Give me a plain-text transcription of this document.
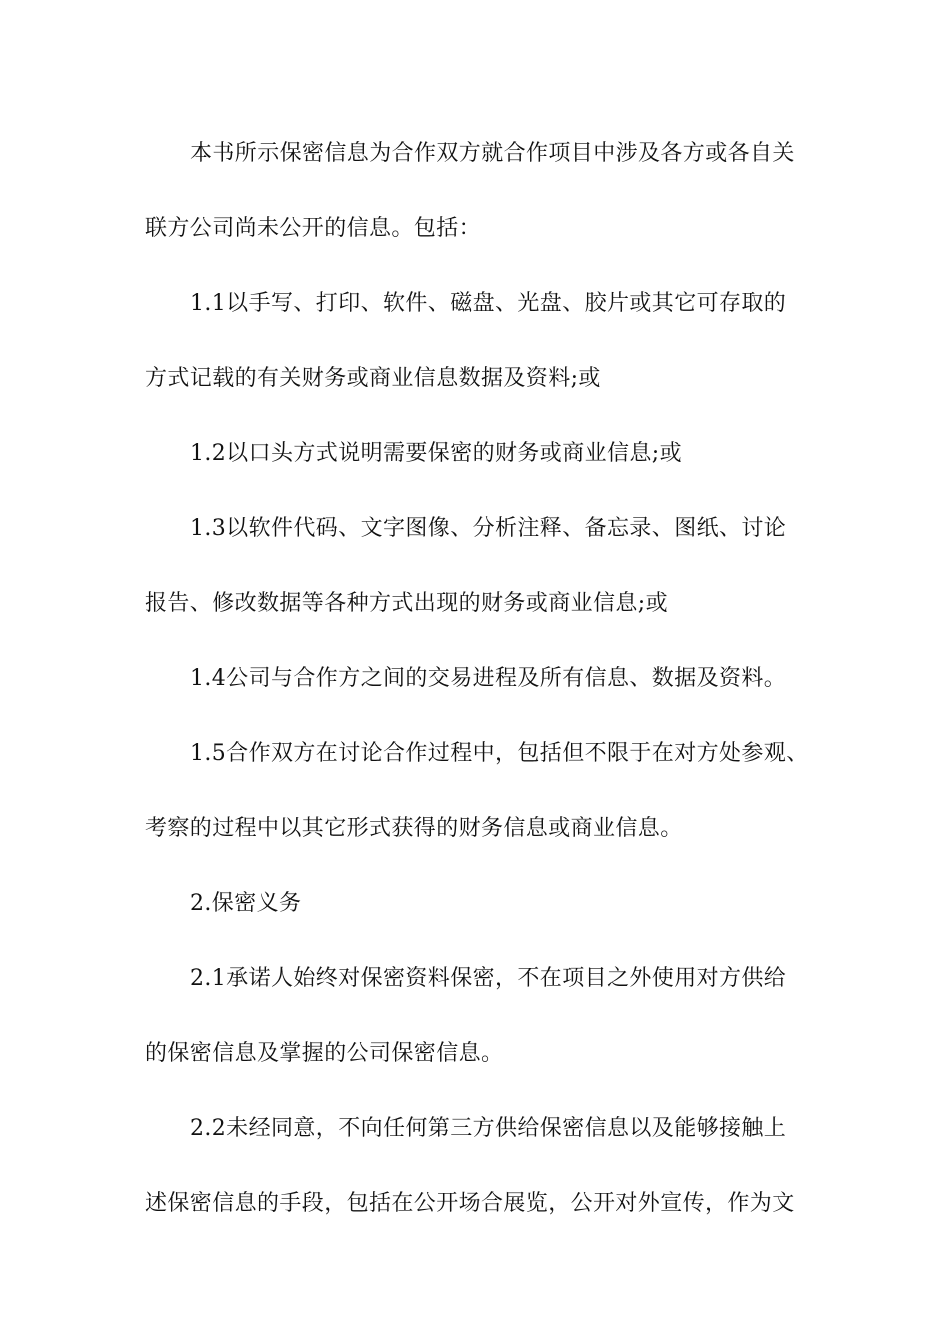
本书所示保密信息为合作双方就合作项目中涉及各方或各自关
联方公司尚未公开的信息。包括：
1.1以手写、打印、软件、磁盘、光盘、胶片或其它可存取的
方式记载的有关财务或商业信息数据及资料;或
1.2以口头方式说明需要保密的财务或商业信息;或
1.3以软件代码、文字图像、分析注释、备忘录、图纸、讨论
报告、修改数据等各种方式出现的财务或商业信息;或
1.4公司与合作方之间的交易进程及所有信息、数据及资料。
1.5合作双方在讨论合作过程中，包括但不限于在对方处参观、
考察的过程中以其它形式获得的财务信息或商业信息。
2.保密义务
2.1承诺人始终对保密资料保密，不在项目之外使用对方供给
的保密信息及掌握的公司保密信息。
2.2未经同意，不向任何第三方供给保密信息以及能够接触上
述保密信息的手段，包括在公开场合展览，公开对外宣传，作为文
